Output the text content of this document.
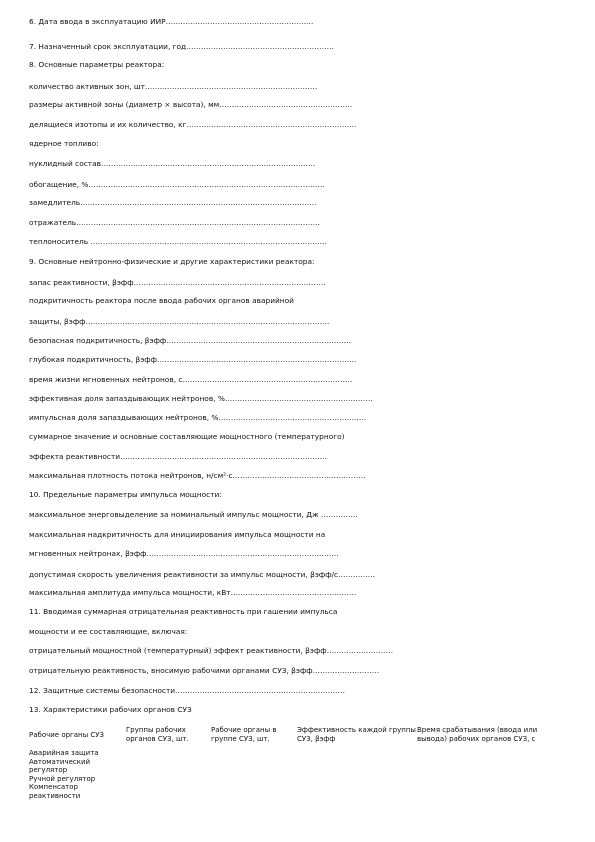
6. Дата ввода в эксплуатацию ИИР……………………………………………………
7. Назначенный срок эксплуатации, год……………………………………………………
8. Основные параметры реактора:
количество активных зон, шт.……………………………………………………………
размеры активной зоны (диаметр × высота), мм………………………………………………
делящиеся изотопы и их количество, кг……………………………………………………………
ядерное топливо:
нуклидный состав……………………………………………………………………………
обогащение, %……………………………………………………………………………………
замедлитель……………………………………………………………………………………
отражатель………………………………………………………………………………………
теплоноситель ……………………………………………………………………………………
9. Основные нейтронно-физические и другие характеристики реактора:
запас реактивности, βэфф……………………………………………………………………
подкритичность реактора после ввода рабочих органов аварийной
защиты, βэфф………………………………………………………………………………………
безопасная подкритичность, βэфф…………………………………………………………………
глубокая подкритичность, βэфф………………………………………………………………………
время жизни мгновенных нейтронов, с……………………………………………………………
эффективная доля запаздывающих нейтронов, %……………………………………………………
импульсная доля запаздывающих нейтронов, %……………………………………………………
суммарное значение и основные составляющие мощностного (температурного)
эффекта реактивности…………………………………………………………………………
максимальная плотность потока нейтронов, н/см²·с………………………………………………
10. Предельные параметры импульса мощности:
максимальное энерговыделение за номинальный импульс мощности, Дж ……………
максимальная надкритичность для инициирования импульса мощности на
мгновенных нейтронах, βэфф……………………………………………………………………
допустимая скорость увеличения реактивности за импульс мощности, βэфф/с……………
максимальная амплитуда импульса мощности, кВт……………………………………………
11. Вводимая суммарная отрицательная реактивность при гашении импульса
мощности и ее составляющие, включая:
отрицательный мощностной (температурный) эффект реактивности, βэфф………………………
отрицательную реактивность, вносимую рабочими органами СУЗ, βэфф………………………
12. Защитные системы безопасности……………………………………………………………
13. Характеристики рабочих органов СУЗ
Рабочие органы СУЗ	Группы рабочих органов СУЗ, шт.	Рабочие органы в группе СУЗ, шт.	Эффективность каждой группы СУЗ, βэфф	Время срабатывания (ввода или вывода) рабочих органов СУЗ, с
Аварийная защита				
Автоматический регулятор				
Ручной регулятор				
Компенсатор реактивности				
